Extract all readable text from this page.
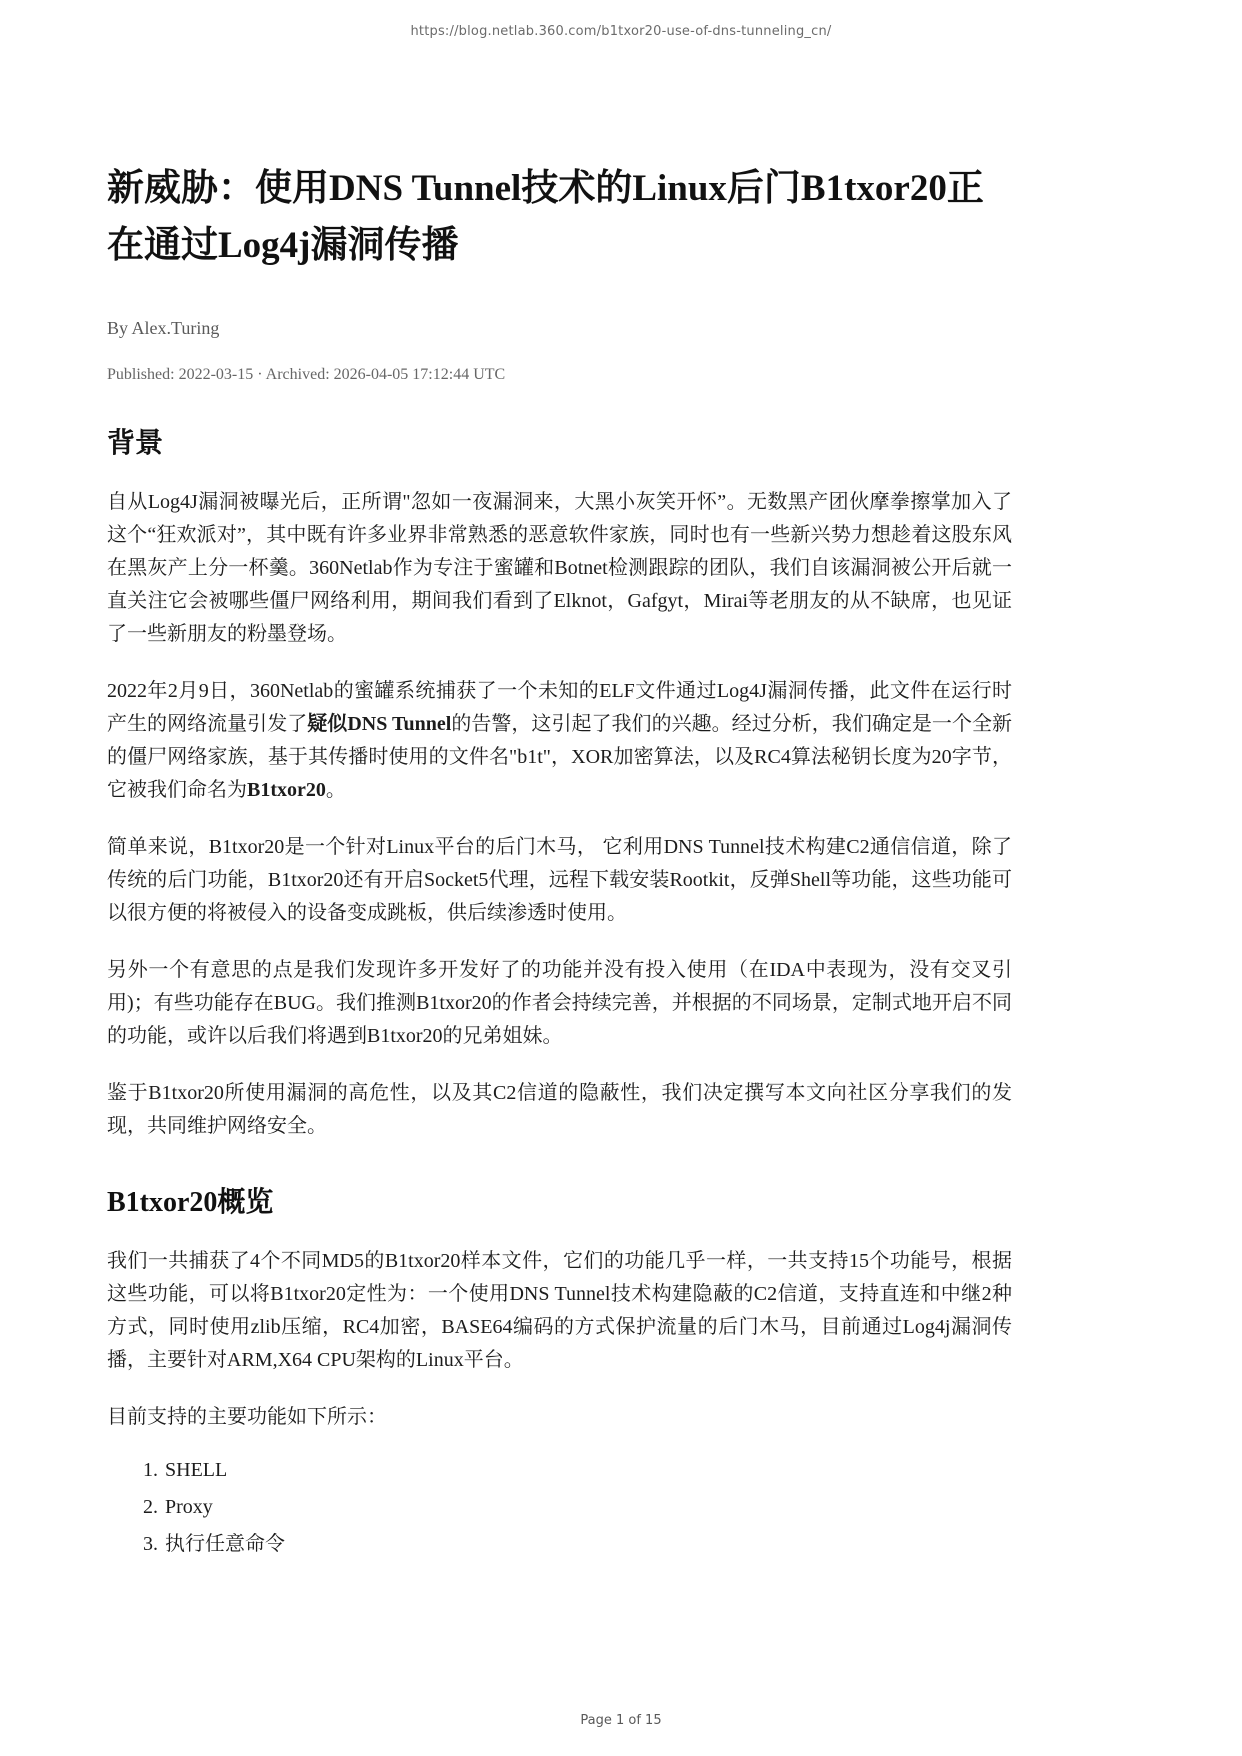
https://blog.netlab.360.com/b1txor20-use-of-dns-tunneling_cn/
新威胁：使用DNS Tunnel技术的Linux后门B1txor20正在通过Log4j漏洞传播
By Alex.Turing
Published: 2022-03-15 · Archived: 2026-04-05 17:12:44 UTC
背景

自从Log4J漏洞被曝光后，正所谓"忽如一夜漏洞来，大黑小灰笑开怀”。无数黑产团伙摩拳擦掌加入了这个“狂欢派对”，其中既有许多业界非常熟悉的恶意软件家族，同时也有一些新兴势力想趁着这股东风在黑灰产上分一杯羹。360Netlab作为专注于蜜罐和Botnet检测跟踪的团队，我们自该漏洞被公开后就一直关注它会被哪些僵尸网络利用，期间我们看到了Elknot，Gafgyt，Mirai等老朋友的从不缺席，也见证了一些新朋友的粉墨登场。

2022年2月9日，360Netlab的蜜罐系统捕获了一个未知的ELF文件通过Log4J漏洞传播，此文件在运行时产生的网络流量引发了疑似DNS Tunnel的告警，这引起了我们的兴趣。经过分析，我们确定是一个全新的僵尸网络家族，基于其传播时使用的文件名"b1t"，XOR加密算法，以及RC4算法秘钥长度为20字节，它被我们命名为B1txor20。

简单来说，B1txor20是一个针对Linux平台的后门木马， 它利用DNS Tunnel技术构建C2通信信道，除了传统的后门功能，B1txor20还有开启Socket5代理，远程下载安装Rootkit，反弹Shell等功能，这些功能可以很方便的将被侵入的设备变成跳板，供后续渗透时使用。

另外一个有意思的点是我们发现许多开发好了的功能并没有投入使用（在IDA中表现为，没有交叉引用)；有些功能存在BUG。我们推测B1txor20的作者会持续完善，并根据的不同场景，定制式地开启不同的功能，或许以后我们将遇到B1txor20的兄弟姐妹。

鉴于B1txor20所使用漏洞的高危性，以及其C2信道的隐蔽性，我们决定撰写本文向社区分享我们的发现，共同维护网络安全。

B1txor20概览

我们一共捕获了4个不同MD5的B1txor20样本文件，它们的功能几乎一样，一共支持15个功能号，根据这些功能，可以将B1txor20定性为：一个使用DNS Tunnel技术构建隐蔽的C2信道，支持直连和中继2种方式，同时使用zlib压缩，RC4加密，BASE64编码的方式保护流量的后门木马，目前通过Log4j漏洞传播，主要针对ARM,X64 CPU架构的Linux平台。

目前支持的主要功能如下所示：

1. SHELL
2. Proxy
3. 执行任意命令
Page 1 of 15
